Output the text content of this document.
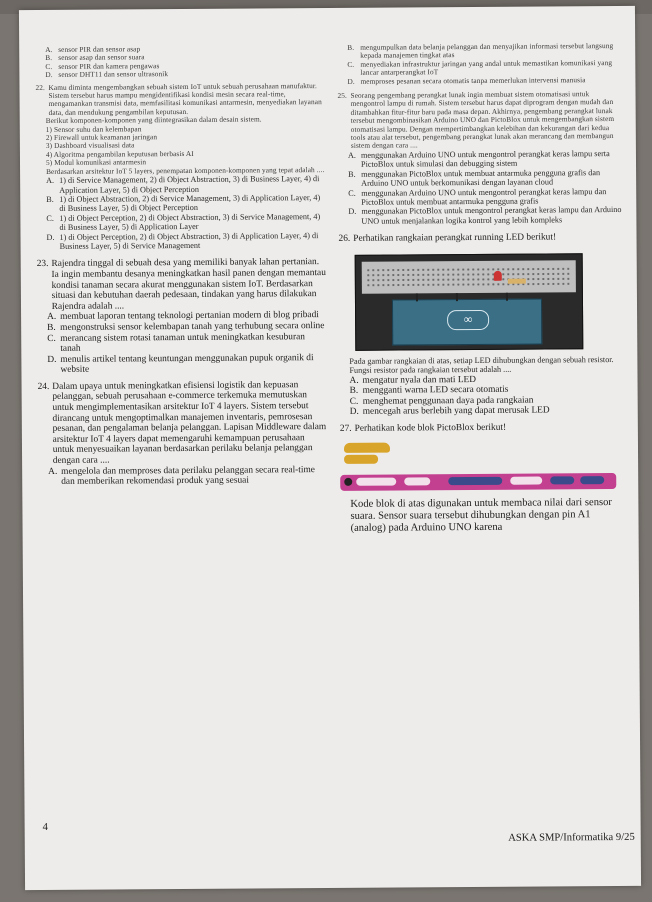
A. sensor PIR dan sensor asap
B. sensor asap dan sensor suara
C. sensor PIR dan kamera pengawas
D. sensor DHT11 dan sensor ultrasonik
22. Kamu diminta mengembangkan sebuah sistem IoT untuk sebuah perusahaan manufaktur. Sistem tersebut harus mampu mengidentifikasi kondisi mesin secara real-time, mengamankan transmisi data, memfasilitasi komunikasi antarmesin, menyediakan layanan data, dan mendukung pengambilan keputusan.

Berikut komponen-komponen yang diintegrasikan dalam desain sistem.

1) Sensor suhu dan kelembapan

2) Firewall untuk keamanan jaringan

3) Dashboard visualisasi data

4) Algoritma pengambilan keputusan berbasis AI

5) Modul komunikasi antarmesin

Berdasarkan arsitektur IoT 5 layers, penempatan komponen-komponen yang tepat adalah ....

A. 1) di Service Management, 2) di Object Abstraction, 3) di Business Layer, 4) di Application Layer, 5) di Object Perception
B. 1) di Object Abstraction, 2) di Service Management, 3) di Application Layer, 4) di Business Layer, 5) di Object Perception
C. 1) di Object Perception, 2) di Object Abstraction, 3) di Service Management, 4) di Business Layer, 5) di Application Layer
D. 1) di Object Perception, 2) di Object Abstraction, 3) di Application Layer, 4) di Business Layer, 5) di Service Management
23. Rajendra tinggal di sebuah desa yang memiliki banyak lahan pertanian. Ia ingin membantu desanya meningkatkan hasil panen dengan memantau kondisi tanaman secara akurat menggunakan sistem IoT. Berdasarkan situasi dan kebutuhan daerah pedesaan, tindakan yang harus dilakukan Rajendra adalah ....
A. membuat laporan tentang teknologi pertanian modern di blog pribadi
B. mengonstruksi sensor kelembapan tanah yang terhubung secara online
C. merancang sistem rotasi tanaman untuk meningkatkan kesuburan tanah
D. menulis artikel tentang keuntungan menggunakan pupuk organik di website
24. Dalam upaya untuk meningkatkan efisiensi logistik dan kepuasan pelanggan, sebuah perusahaan e-commerce terkemuka memutuskan untuk mengimplementasikan arsitektur IoT 4 layers. Sistem tersebut dirancang untuk mengoptimalkan manajemen inventaris, pemrosesan pesanan, dan pengalaman belanja pelanggan. Lapisan Middleware dalam arsitektur IoT 4 layers dapat memengaruhi kemampuan perusahaan untuk menyesuaikan layanan berdasarkan perilaku belanja pelanggan dengan cara ....
A. mengelola dan memproses data perilaku pelanggan secara real-time dan memberikan rekomendasi produk yang sesuai
B. mengumpulkan data belanja pelanggan dan menyajikan informasi tersebut langsung kepada manajemen tingkat atas
C. menyediakan infrastruktur jaringan yang andal untuk memastikan komunikasi yang lancar antarperangkat IoT
D. memproses pesanan secara otomatis tanpa memerlukan intervensi manusia
25. Seorang pengembang perangkat lunak ingin membuat sistem otomatisasi untuk mengontrol lampu di rumah. Sistem tersebut harus dapat diprogram dengan mudah dan ditambahkan fitur-fitur baru pada masa depan. Akhirnya, pengembang perangkat lunak tersebut mengombinasikan Arduino UNO dan PictoBlox untuk mengembangkan sistem otomatisasi lampu. Dengan mempertimbangkan kelebihan dan kekurangan dari kedua tools atau alat tersebut, pengembang perangkat lunak akan merancang dan membangun sistem dengan cara ....
A. menggunakan Arduino UNO untuk mengontrol perangkat keras lampu serta PictoBlox untuk simulasi dan debugging sistem
B. menggunakan PictoBlox untuk membuat antarmuka pengguna grafis dan Arduino UNO untuk berkomunikasi dengan layanan cloud
C. menggunakan Arduino UNO untuk mengontrol perangkat keras lampu dan PictoBlox untuk membuat antarmuka pengguna grafis
D. menggunakan PictoBlox untuk mengontrol perangkat keras lampu dan Arduino UNO untuk menjalankan logika kontrol yang lebih kompleks
26. Perhatikan rangkaian perangkat running LED berikut!
∞

Pada gambar rangkaian di atas, setiap LED dihubungkan dengan sebuah resistor. Fungsi resistor pada rangkaian tersebut adalah ....

A. mengatur nyala dan mati LED
B. mengganti warna LED secara otomatis
C. menghemat penggunaan daya pada rangkaian
D. mencegah arus berlebih yang dapat merusak LED
27. Perhatikan kode blok PictoBlox berikut!

Kode blok di atas digunakan untuk membaca nilai dari sensor suara. Sensor suara tersebut dihubungkan dengan pin A1 (analog) pada Arduino UNO karena

4
ASKA SMP/Informatika 9/25
